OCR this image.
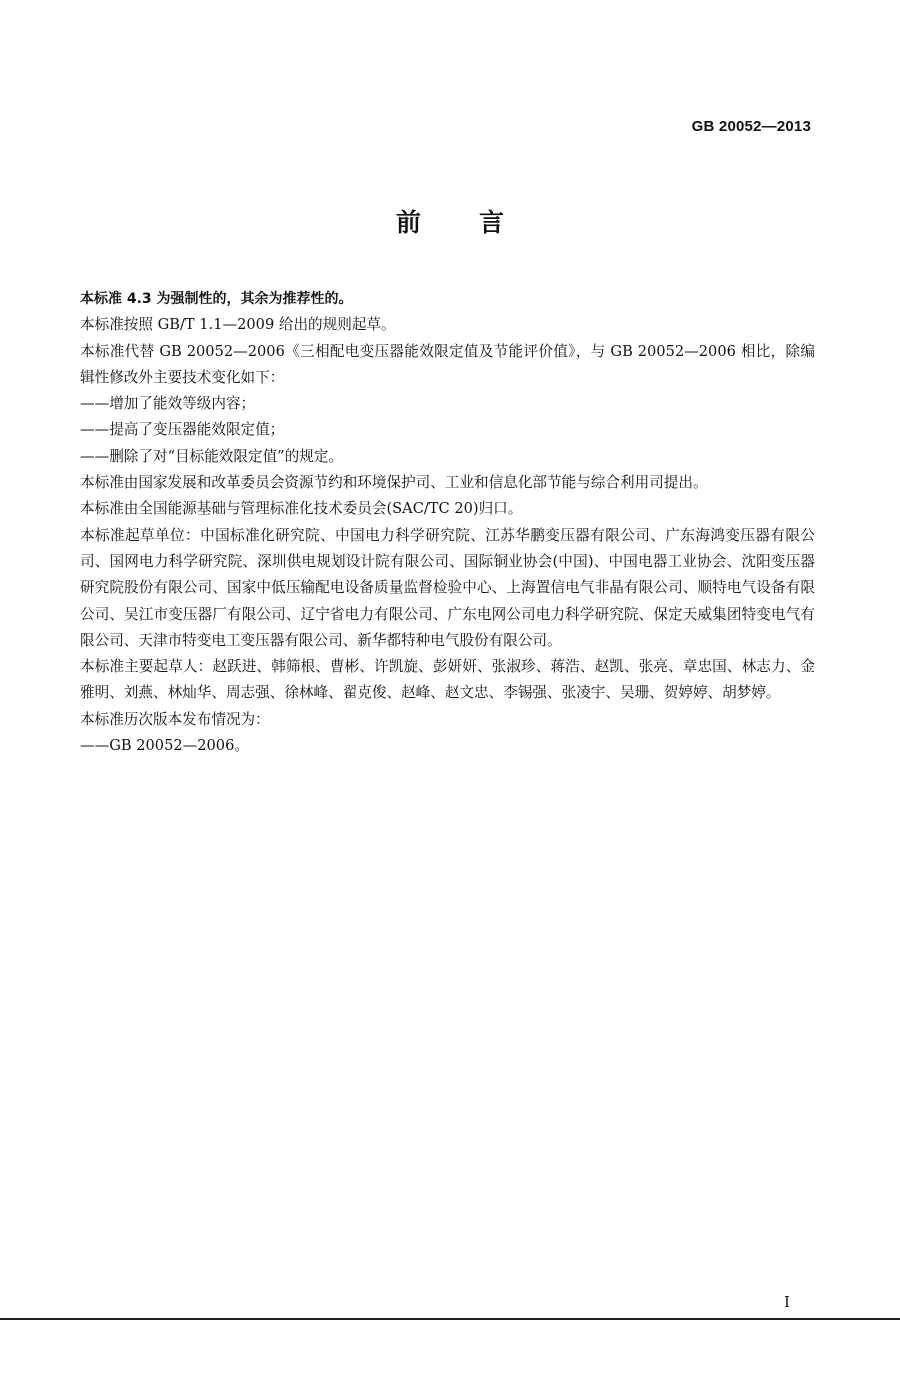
GB 20052—2013
前言

本标准 4.3 为强制性的，其余为推荐性的。

本标准按照 GB/T 1.1—2009 给出的规则起草。

本标准代替 GB 20052—2006《三相配电变压器能效限定值及节能评价值》，与 GB 20052—2006 相比，除编辑性修改外主要技术变化如下：

——增加了能效等级内容；

——提高了变压器能效限定值；

——删除了对“目标能效限定值”的规定。

本标准由国家发展和改革委员会资源节约和环境保护司、工业和信息化部节能与综合利用司提出。

本标准由全国能源基础与管理标准化技术委员会(SAC/TC 20)归口。

本标准起草单位：中国标准化研究院、中国电力科学研究院、江苏华鹏变压器有限公司、广东海鸿变压器有限公司、国网电力科学研究院、深圳供电规划设计院有限公司、国际铜业协会(中国)、中国电器工业协会、沈阳变压器研究院股份有限公司、国家中低压输配电设备质量监督检验中心、上海置信电气非晶有限公司、顺特电气设备有限公司、吴江市变压器厂有限公司、辽宁省电力有限公司、广东电网公司电力科学研究院、保定天威集团特变电气有限公司、天津市特变电工变压器有限公司、新华都特种电气股份有限公司。

本标准主要起草人：赵跃进、韩筛根、曹彬、许凯旋、彭妍妍、张淑珍、蒋浩、赵凯、张亮、章忠国、林志力、金雅明、刘燕、林灿华、周志强、徐林峰、翟克俊、赵峰、赵文忠、李锡强、张凌宇、吴珊、贺婷婷、胡梦婷。

本标准历次版本发布情况为：

——GB 20052—2006。

I
